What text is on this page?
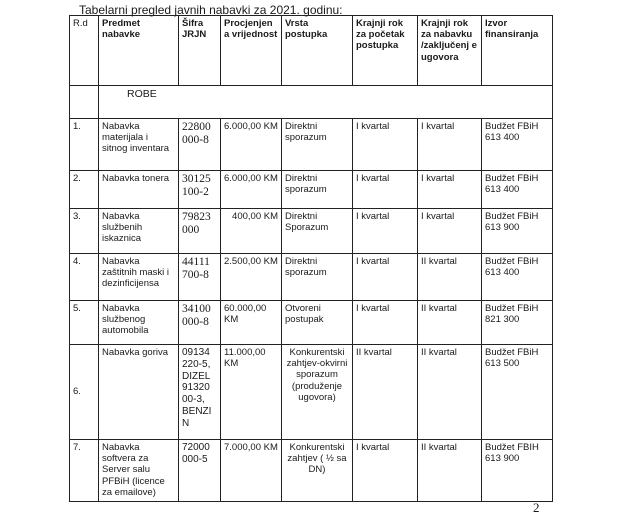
Tabelarni pregled javnih nabavki za 2021. godinu:
R.d	Predmet nabavke	Šifra JRJN	Procjenjen a vrijednost	Vrsta postupka	Krajnji rok za početak postupka	Krajnji rok za nabavku /zaključenj e ugovora	Izvor finansiranja
	ROBE						
1.	Nabavka materijala i sitnog inventara	22800 000-8	6.000,00 KM	Direktni sporazum	I kvartal	I kvartal	Budžet FBiH 613 400
2.	Nabavka tonera	30125 100-2	6.000,00 KM	Direktni sporazum	I kvartal	I kvartal	Budžet FBiH 613 400
3.	Nabavka službenih iskaznica	79823 000	400,00 KM	Direktni Sporazum	I kvartal	I kvartal	Budžet FBiH 613 900
4.	Nabavka zaštitnih maski i dezinficijensa	44111 700-8	2.500,00 KM	Direktni sporazum	I kvartal	II kvartal	Budžet FBiH 613 400
5.	Nabavka službenog automobila	34100 000-8	60.000,00 KM	Otvoreni postupak	I kvartal	II kvartal	Budžet FBiH 821 300
6.	Nabavka goriva	09134 220-5, DIZEL 91320 00-3, BENZI N	11.000,00 KM	Konkurentski zahtjev-okvirni sporazum (produženje ugovora)	II kvartal	II kvartal	Budžet FBiH 613 500
7.	Nabavka softvera za Server salu PFBiH (licence za emailove)	72000 000-5	7.000,00 KM	Konkurentski zahtjev ( ½ sa DN)	I kvartal	II kvartal	Budžet FBIH 613 900
2
